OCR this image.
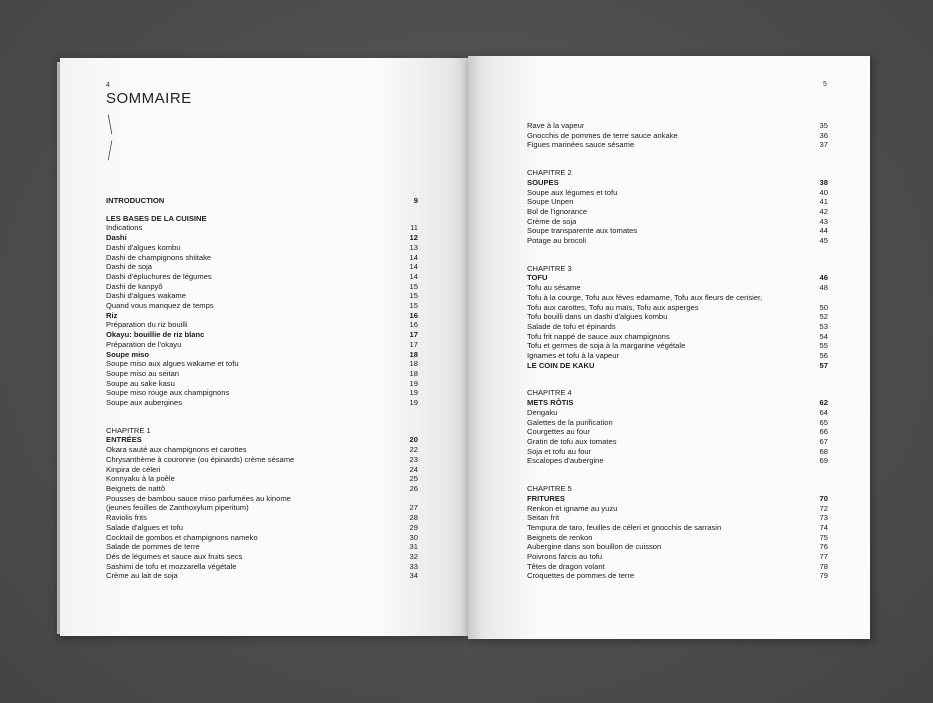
4
SOMMAIRE
\
/
INTRODUCTION	9
LES BASES DE LA CUISINE
Indications	11
Dashi	12
Dashi d'algues kombu	13
Dashi de champignons shiitake	14
Dashi de soja	14
Dashi d'épluchures de légumes	14
Dashi de kanpyô	15
Dashi d'algues wakame	15
Quand vous manquez de temps	15
Riz	16
Préparation du riz bouilli	16
Okayu: bouillie de riz blanc	17
Préparation de l'okayu	17
Soupe miso	18
Soupe miso aux algues wakame et tofu	18
Soupe miso au seitan	18
Soupe au sake kasu	19
Soupe miso rouge aux champignons	19
Soupe aux aubergines	19
CHAPITRE 1
ENTRÉES	20
Okara sauté aux champignons et carottes	22
Chrysanthème à couronne (ou épinards) crème sésame	23
Kinpira de céleri	24
Konnyaku à la poêle	25
Beignets de nattô	26
Pousses de bambou sauce miso parfumées au kinome
(jeunes feuilles de Zanthoxylum piperitum)	27
Raviolis frits	28
Salade d'algues et tofu	29
Cocktail de gombos et champignons nameko	30
Salade de pommes de terre	31
Dés de légumes et sauce aux fruits secs	32
Sashimi de tofu et mozzarella végétale	33
Crème au lait de soja	34
5
Rave à la vapeur	35
Gnocchis de pommes de terre sauce ankake	36
Figues marinées sauce sésame	37
CHAPITRE 2
SOUPES	38
Soupe aux légumes et tofu	40
Soupe Unpen	41
Bol de l'ignorance	42
Crème de soja	43
Soupe transparente aux tomates	44
Potage au brocoli	45
CHAPITRE 3
TOFU	46
Tofu au sésame	48
Tofu à la courge, Tofu aux fèves edamame, Tofu aux fleurs de cerisier,
Tofu aux carottes, Tofu au maïs, Tofu aux asperges	50
Tofu bouilli dans un dashi d'algues kombu	52
Salade de tofu et épinards	53
Tofu frit nappé de sauce aux champignons	54
Tofu et germes de soja à la margarine végétale	55
Ignames et tofu à la vapeur	56
LE COIN DE KAKU	57
CHAPITRE 4
METS RÔTIS	62
Dengaku	64
Galettes de la purification	65
Courgettes au four	66
Gratin de tofu aux tomates	67
Soja et tofu au four	68
Escalopes d'aubergine	69
CHAPITRE 5
FRITURES	70
Renkon et igname au yuzu	72
Seitan frit	73
Tempura de taro, feuilles de céleri et gnocchis de sarrasin	74
Beignets de renkon	75
Aubergine dans son bouillon de cuisson	76
Poivrons farcis au tofu	77
Têtes de dragon volant	78
Croquettes de pommes de terre	79
